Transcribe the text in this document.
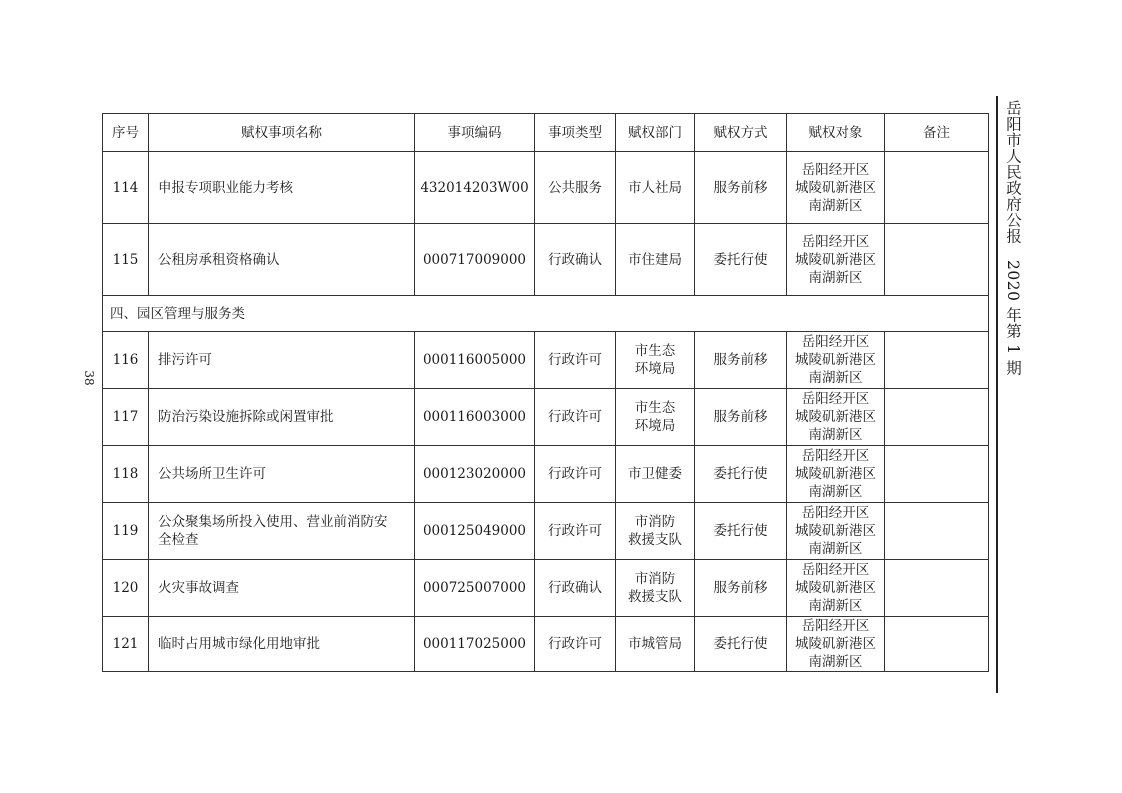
38
岳阳市人民政府公报　2020 年第 1 期
序号	赋权事项名称	事项编码	事项类型	赋权部门	赋权方式	赋权对象	备注
114	申报专项职业能力考核	432014203W00	公共服务	市人社局	服务前移	岳阳经开区
城陵矶新港区
南湖新区	

115	公租房承租资格确认	000717009000	行政确认	市住建局	委托行使	岳阳经开区
城陵矶新港区
南湖新区	

四、园区管理与服务类							
116	排污许可	000116005000	行政许可	市生态
环境局	服务前移	岳阳经开区
城陵矶新港区
南湖新区	

117	防治污染设施拆除或闲置审批	000116003000	行政许可	市生态
环境局	服务前移	岳阳经开区
城陵矶新港区
南湖新区	

118	公共场所卫生许可	000123020000	行政许可	市卫健委	委托行使	岳阳经开区
城陵矶新港区
南湖新区	

119	公众聚集场所投入使用、营业前消防安
全检查	000125049000	行政许可	市消防
救援支队	委托行使	岳阳经开区
城陵矶新港区
南湖新区	

120	火灾事故调查	000725007000	行政确认	市消防
救援支队	服务前移	岳阳经开区
城陵矶新港区
南湖新区	

121	临时占用城市绿化用地审批	000117025000	行政许可	市城管局	委托行使	岳阳经开区
城陵矶新港区
南湖新区	
